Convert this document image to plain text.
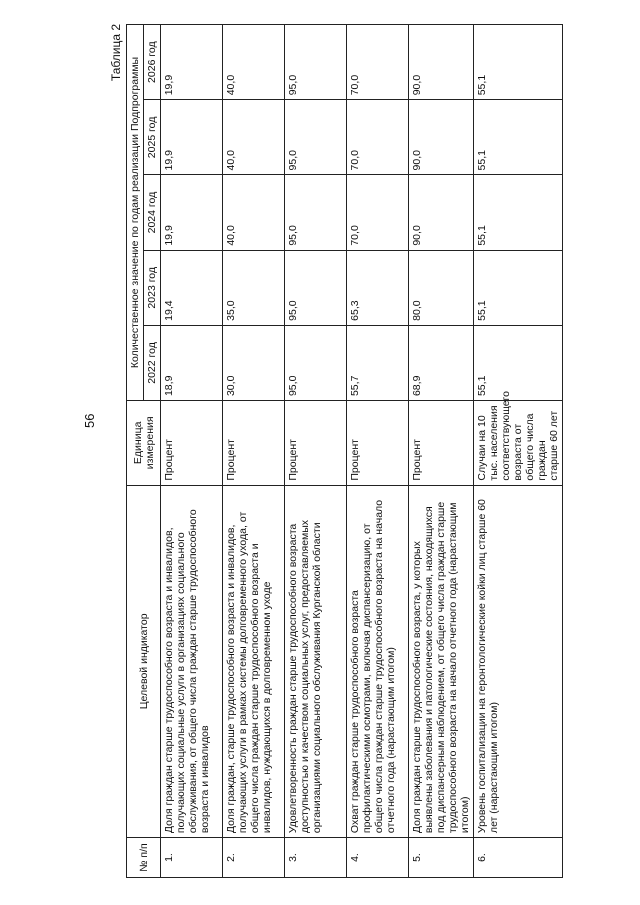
56
Таблица 2
№ п/п	Целевой индикатор	Единица измерения	Количественное значение по годам реализации Подпрограммы				
			2022 год	2023 год	2024 год	2025 год	2026 год
1.	Доля граждан старше трудоспособного возраста и инвалидов, получающих социальные услуги в организациях социального обслуживания, от общего числа граждан старше трудоспособного возраста и инвалидов	Процент	18,9	19,4	19,9	19,9	19,9
2.	Доля граждан, старше трудоспособного возраста и инвалидов, получающих услуги в рамках системы долговременного ухода, от общего числа граждан старше трудоспособного возраста и инвалидов, нуждающихся в долговременном уходе	Процент	30,0	35,0	40,0	40,0	40,0
3.	Удовлетворенность граждан старше трудоспособного возраста доступностью и качеством социальных услуг, предоставляемых организациями социального обслуживания Курганской области	Процент	95,0	95,0	95,0	95,0	95,0
4.	Охват граждан старше трудоспособного возраста профилактическими осмотрами, включая диспансеризацию, от общего числа граждан старше трудоспособного возраста на начало отчетного года (нарастающим итогом)	Процент	55,7	65,3	70,0	70,0	70,0
5.	Доля граждан старше трудоспособного возраста, у которых выявлены заболевания и патологические состояния, находящихся под диспансерным наблюдением, от общего числа граждан старше трудоспособного возраста на начало отчетного года (нарастающим итогом)	Процент	68,9	80,0	90,0	90,0	90,0
6.	Уровень госпитализации на геронтологические койки лиц старше 60 лет (нарастающим итогом)	Случаи на 10 тыс. населения соответствующего возраста от общего числа граждан старше 60 лет	55,1	55,1	55,1	55,1	55,1
